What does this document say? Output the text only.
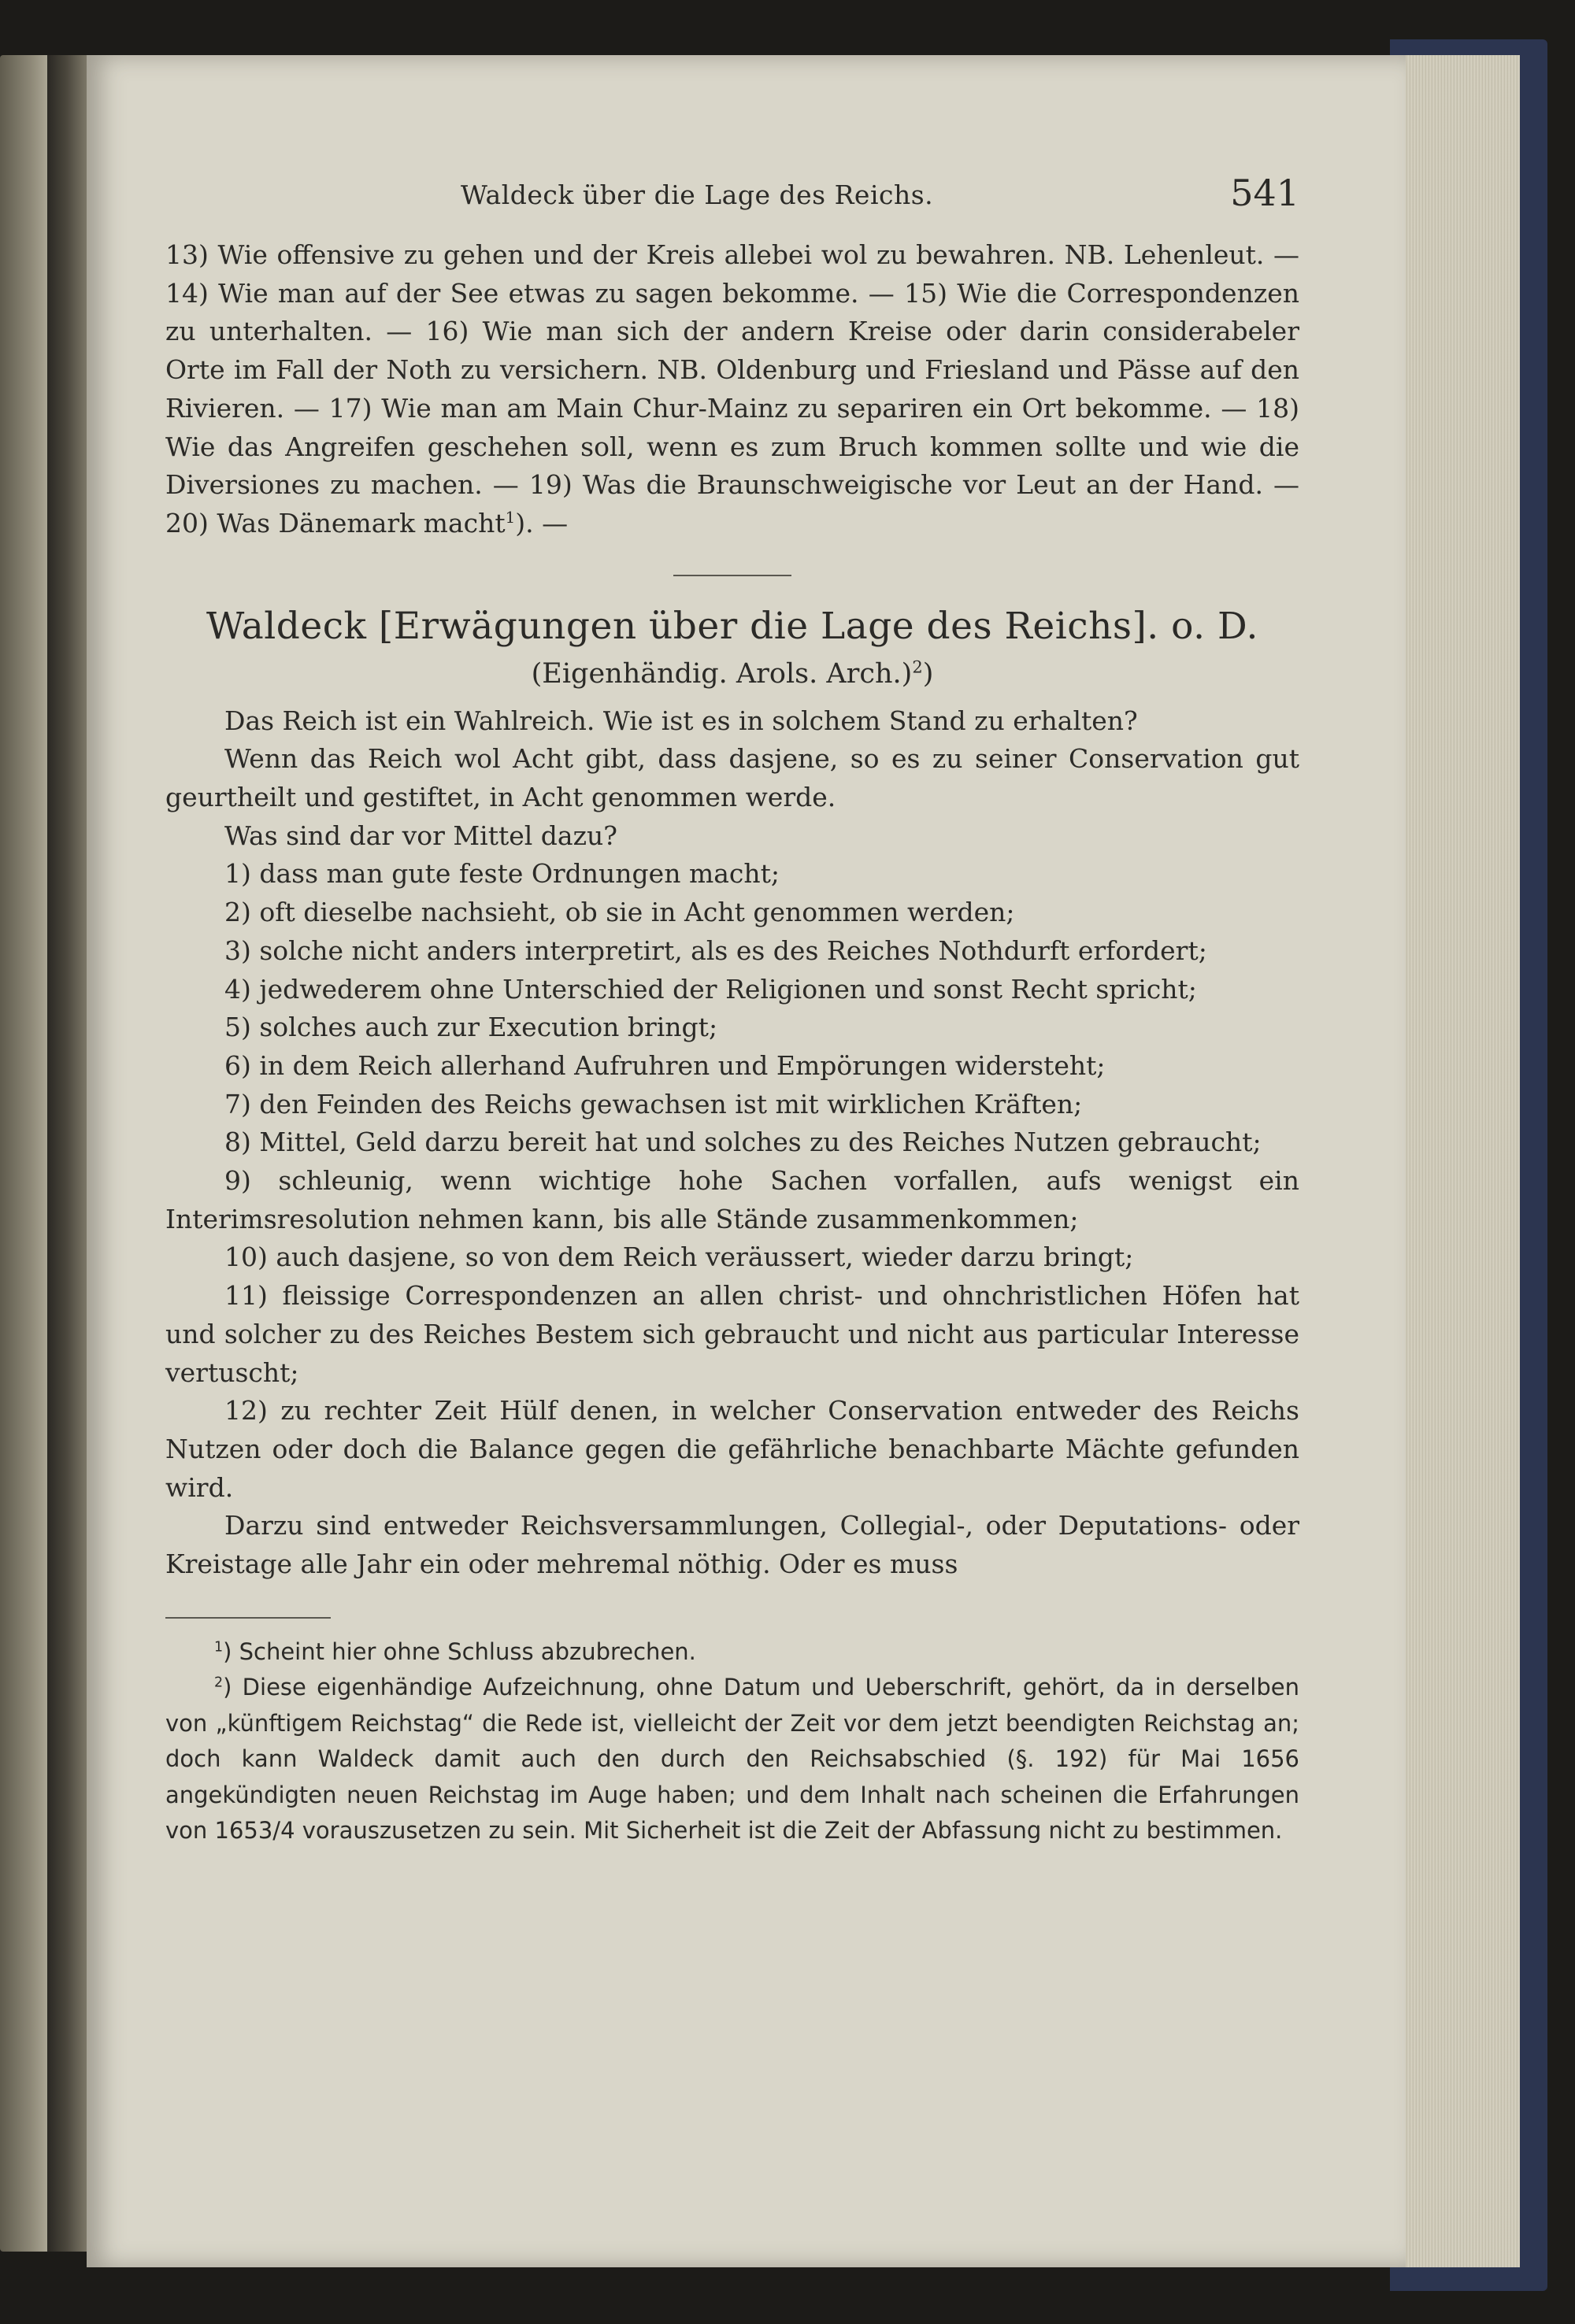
Waldeck über die Lage des Reichs.	541

13) Wie offensive zu gehen und der Kreis allebei wol zu bewahren. NB. Lehenleut. — 14) Wie man auf der See etwas zu sagen bekomme. — 15) Wie die Correspondenzen zu unterhalten. — 16) Wie man sich der andern Kreise oder darin considerabeler Orte im Fall der Noth zu versichern. NB. Oldenburg und Friesland und Pässe auf den Rivieren. — 17) Wie man am Main Chur-Mainz zu separiren ein Ort bekomme. — 18) Wie das Angreifen geschehen soll, wenn es zum Bruch kommen sollte und wie die Diversiones zu machen. — 19) Was die Braunschweigische vor Leut an der Hand. — 20) Was Dänemark macht$^1$). —

Waldeck [Erwägungen über die Lage des Reichs]. o. D.

(Eigenhändig. Arols. Arch.)$^2$)

Das Reich ist ein Wahlreich. Wie ist es in solchem Stand zu erhalten?

Wenn das Reich wol Acht gibt, dass dasjene, so es zu seiner Conservation gut geurtheilt und gestiftet, in Acht genommen werde.

Was sind dar vor Mittel dazu?

1) dass man gute feste Ordnungen macht;

2) oft dieselbe nachsieht, ob sie in Acht genommen werden;

3) solche nicht anders interpretirt, als es des Reiches Nothdurft erfordert;

4) jedwederem ohne Unterschied der Religionen und sonst Recht spricht;

5) solches auch zur Execution bringt;

6) in dem Reich allerhand Aufruhren und Empörungen widersteht;

7) den Feinden des Reichs gewachsen ist mit wirklichen Kräften;

8) Mittel, Geld darzu bereit hat und solches zu des Reiches Nutzen gebraucht;

9) schleunig, wenn wichtige hohe Sachen vorfallen, aufs wenigst ein Interimsresolution nehmen kann, bis alle Stände zusammenkommen;

10) auch dasjene, so von dem Reich veräussert, wieder darzu bringt;

11) fleissige Correspondenzen an allen christ- und ohnchristlichen Höfen hat und solcher zu des Reiches Bestem sich gebraucht und nicht aus particular Interesse vertuscht;

12) zu rechter Zeit Hülf denen, in welcher Conservation entweder des Reichs Nutzen oder doch die Balance gegen die gefährliche benachbarte Mächte gefunden wird.

Darzu sind entweder Reichsversammlungen, Collegial-, oder Deputations- oder Kreistage alle Jahr ein oder mehremal nöthig. Oder es muss

$^1$) Scheint hier ohne Schluss abzubrechen.

$^2$) Diese eigenhändige Aufzeichnung, ohne Datum und Ueberschrift, gehört, da in derselben von „künftigem Reichstag“ die Rede ist, vielleicht der Zeit vor dem jetzt beendigten Reichstag an; doch kann Waldeck damit auch den durch den Reichsabschied (§. 192) für Mai 1656 angekündigten neuen Reichstag im Auge haben; und dem Inhalt nach scheinen die Erfahrungen von 1653/4 vorauszusetzen zu sein. Mit Sicherheit ist die Zeit der Abfassung nicht zu bestimmen.
